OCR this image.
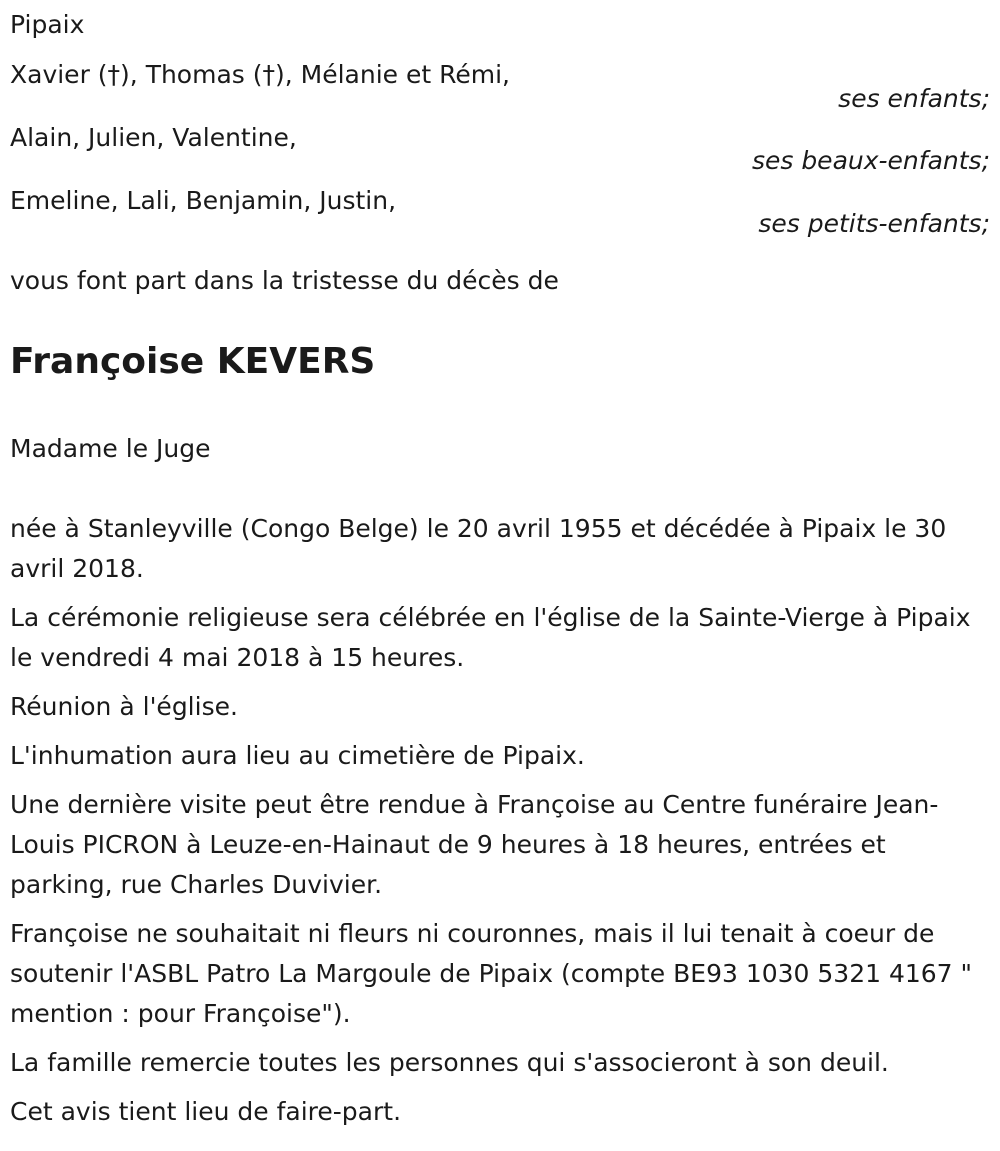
Pipaix

Xavier (†), Thomas (†), Mélanie et Rémi,

ses enfants;

Alain, Julien, Valentine,

ses beaux-enfants;

Emeline, Lali, Benjamin, Justin,

ses petits-enfants;

vous font part dans la tristesse du décès de

Françoise KEVERS

Madame le Juge

née à Stanleyville (Congo Belge) le 20 avril 1955 et décédée à Pipaix le 30 avril 2018.

La cérémonie religieuse sera célébrée en l'église de la Sainte-Vierge à Pipaix le vendredi 4 mai 2018 à 15 heures.

Réunion à l'église.

L'inhumation aura lieu au cimetière de Pipaix.

Une dernière visite peut être rendue à Françoise au Centre funéraire Jean-Louis PICRON à Leuze-en-Hainaut de 9 heures à 18 heures, entrées et parking, rue Charles Duvivier.

Françoise ne souhaitait ni fleurs ni couronnes, mais il lui tenait à coeur de soutenir l'ASBL Patro La Margoule de Pipaix (compte BE93 1030 5321 4167 " mention : pour Françoise").

La famille remercie toutes les personnes qui s'associeront à son deuil.

Cet avis tient lieu de faire-part.
